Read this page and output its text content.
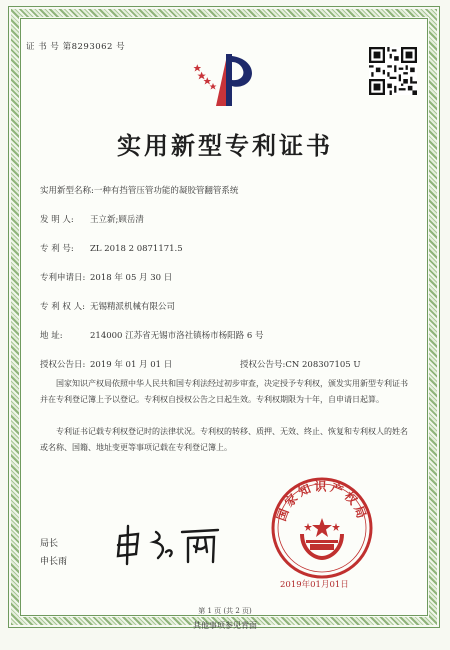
证 书 号 第8293062 号
实用新型专利证书
实用新型名称:一种有挡管压管功能的凝胶管翻管系统
发 明 人: 王立新;顾岳清
专 利 号: ZL 2018 2 0871171.5
专利申请日: 2018 年 05 月 30 日
专 利 权 人: 无锡精派机械有限公司
地 址:	214000 江苏省无锡市洛社镇杨市杨阳路 6 号
授权公告日: 2019 年 01 月 01 日	授权公告号:CN 208307105 U
国家知识产权局依照中华人民共和国专利法经过初步审查，决定授予专利权，颁发实用新型专利证书并在专利登记簿上予以登记。专利权自授权公告之日起生效。专利权期限为十年，自申请日起算。
专利证书记载专利权登记时的法律状况。专利权的转移、质押、无效、终止、恢复和专利权人的姓名或名称、国籍、地址变更等事项记载在专利登记簿上。
局长
申长雨
国家知识产权局
2019年01月01日
第 1 页 (共 2 页)
其他事项参见背面
